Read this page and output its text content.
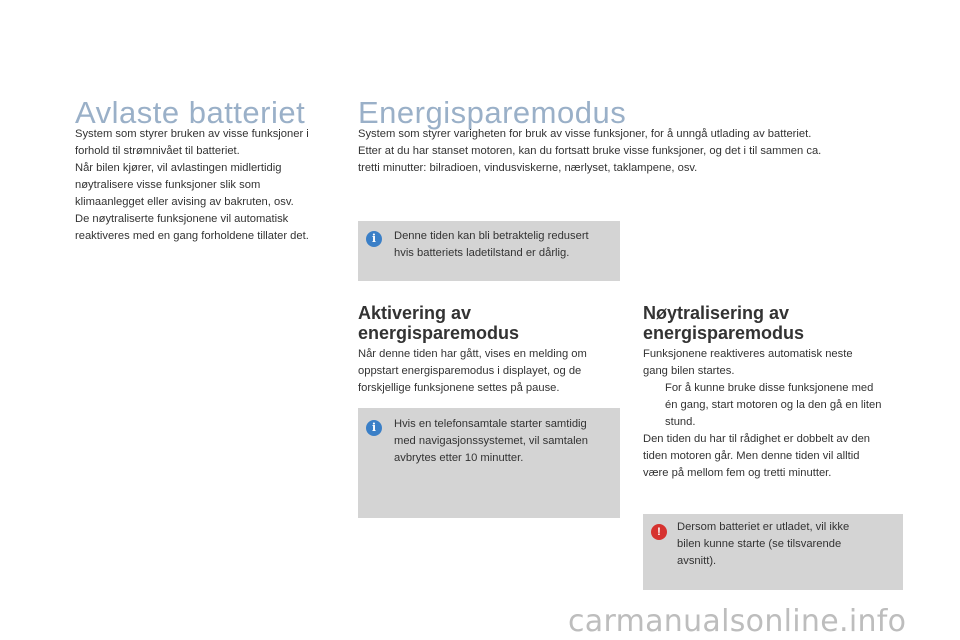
Avlaste batteriet
System som styrer bruken av visse funksjoner i
forhold til strømnivået til batteriet.
Når bilen kjører, vil avlastingen midlertidig
nøytralisere visse funksjoner slik som
klimaanlegget eller avising av bakruten, osv.
De nøytraliserte funksjonene vil automatisk
reaktiveres med en gang forholdene tillater det.
Energisparemodus
System som styrer varigheten for bruk av visse funksjoner, for å unngå utlading av batteriet.
Etter at du har stanset motoren, kan du fortsatt bruke visse funksjoner, og det i til sammen ca.
tretti minutter: bilradioen, vindusviskerne, nærlyset, taklampene, osv.
i	Denne tiden kan bli betraktelig redusert
hvis batteriets ladetilstand er dårlig.
Aktivering av
energisparemodus
Når denne tiden har gått, vises en melding om
oppstart energisparemodus i displayet, og de
forskjellige funksjonene settes på pause.
i	Hvis en telefonsamtale starter samtidig
med navigasjonssystemet, vil samtalen
avbrytes etter 10 minutter.
Nøytralisering av
energisparemodus
Funksjonene reaktiveres automatisk neste
gang bilen startes.
For å kunne bruke disse funksjonene med
én gang, start motoren og la den gå en liten
stund.
Den tiden du har til rådighet er dobbelt av den
tiden motoren går. Men denne tiden vil alltid
være på mellom fem og tretti minutter.
!	Dersom batteriet er utladet, vil ikke
bilen kunne starte (se tilsvarende
avsnitt).
carmanualsonline.info
